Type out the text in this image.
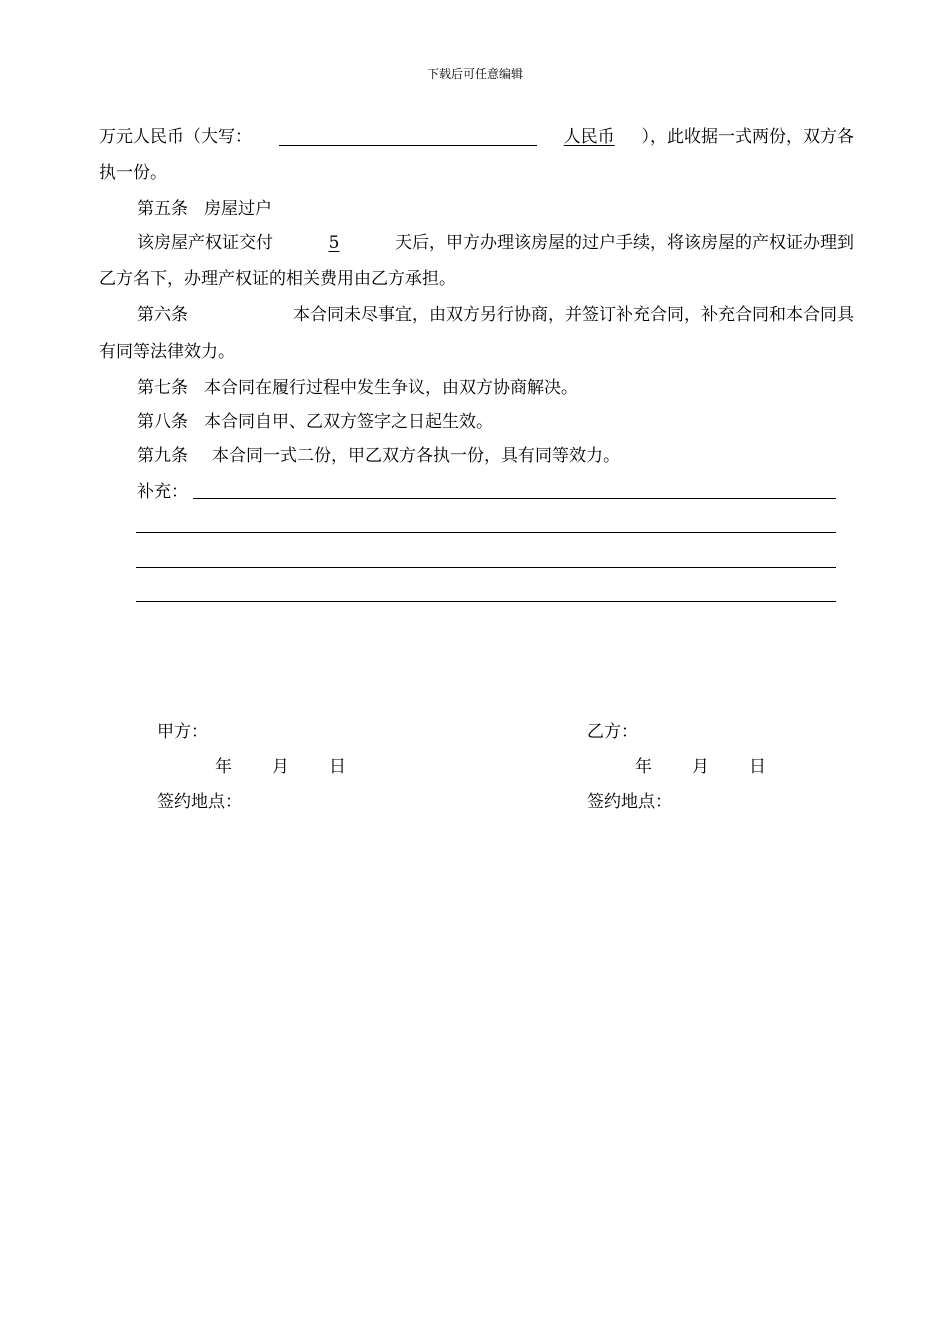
下载后可任意编辑
万元人民币（大写：	人民币 ），此收据一式两份，双方各
执一份。
第五条 房屋过户
该房屋产权证交付	5	天后，甲方办理该房屋的过户手续，将该房屋的产权证办理到
乙方名下，办理产权证的相关费用由乙方承担。
第六条	本合同未尽事宜，由双方另行协商，并签订补充合同，补充合同和本合同具
有同等法律效力。
第七条 本合同在履行过程中发生争议，由双方协商解决。
第八条 本合同自甲、乙双方签字之日起生效。
第九条 本合同一式二份，甲乙双方各执一份，具有同等效力。
补充：
甲方：
年 月 日
签约地点：
乙方：
年 月 日
签约地点：
